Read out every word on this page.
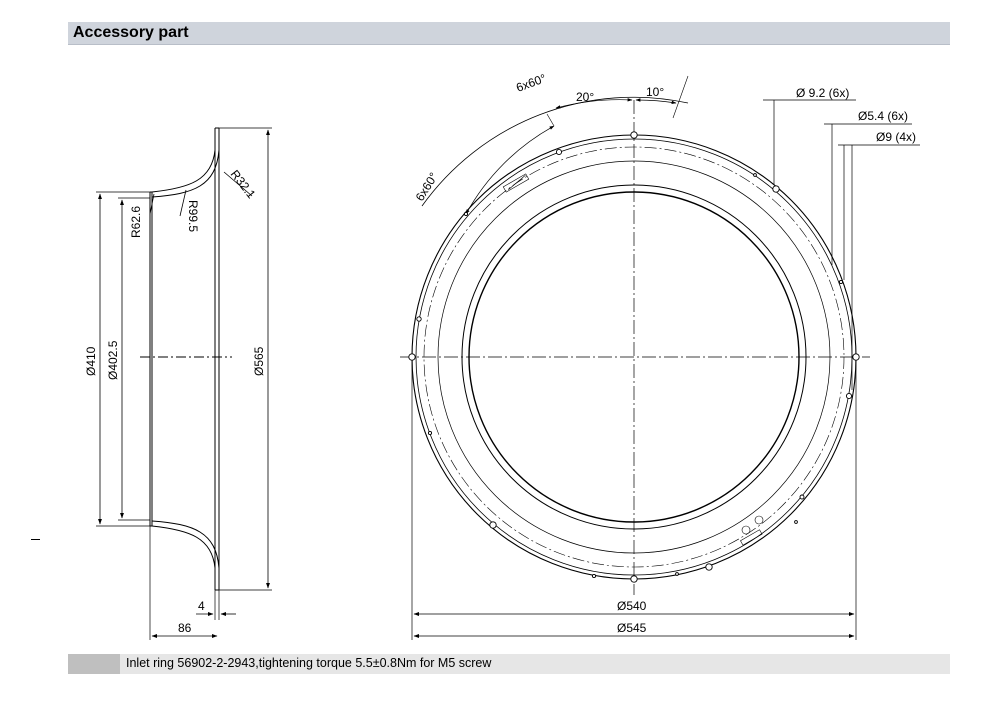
Accessory part
R32.1
R99.5
R62.6
Ø410 Ø402.5	Ø565
4
86
6x60°
20°	10°
6x60°
Ø 9.2 (6x)
Ø5.4 (6x)
Ø9 (4x)
Ø540
Ø545
Inlet ring 56902-2-2943,tightening torque 5.5±0.8Nm for M5 screw
